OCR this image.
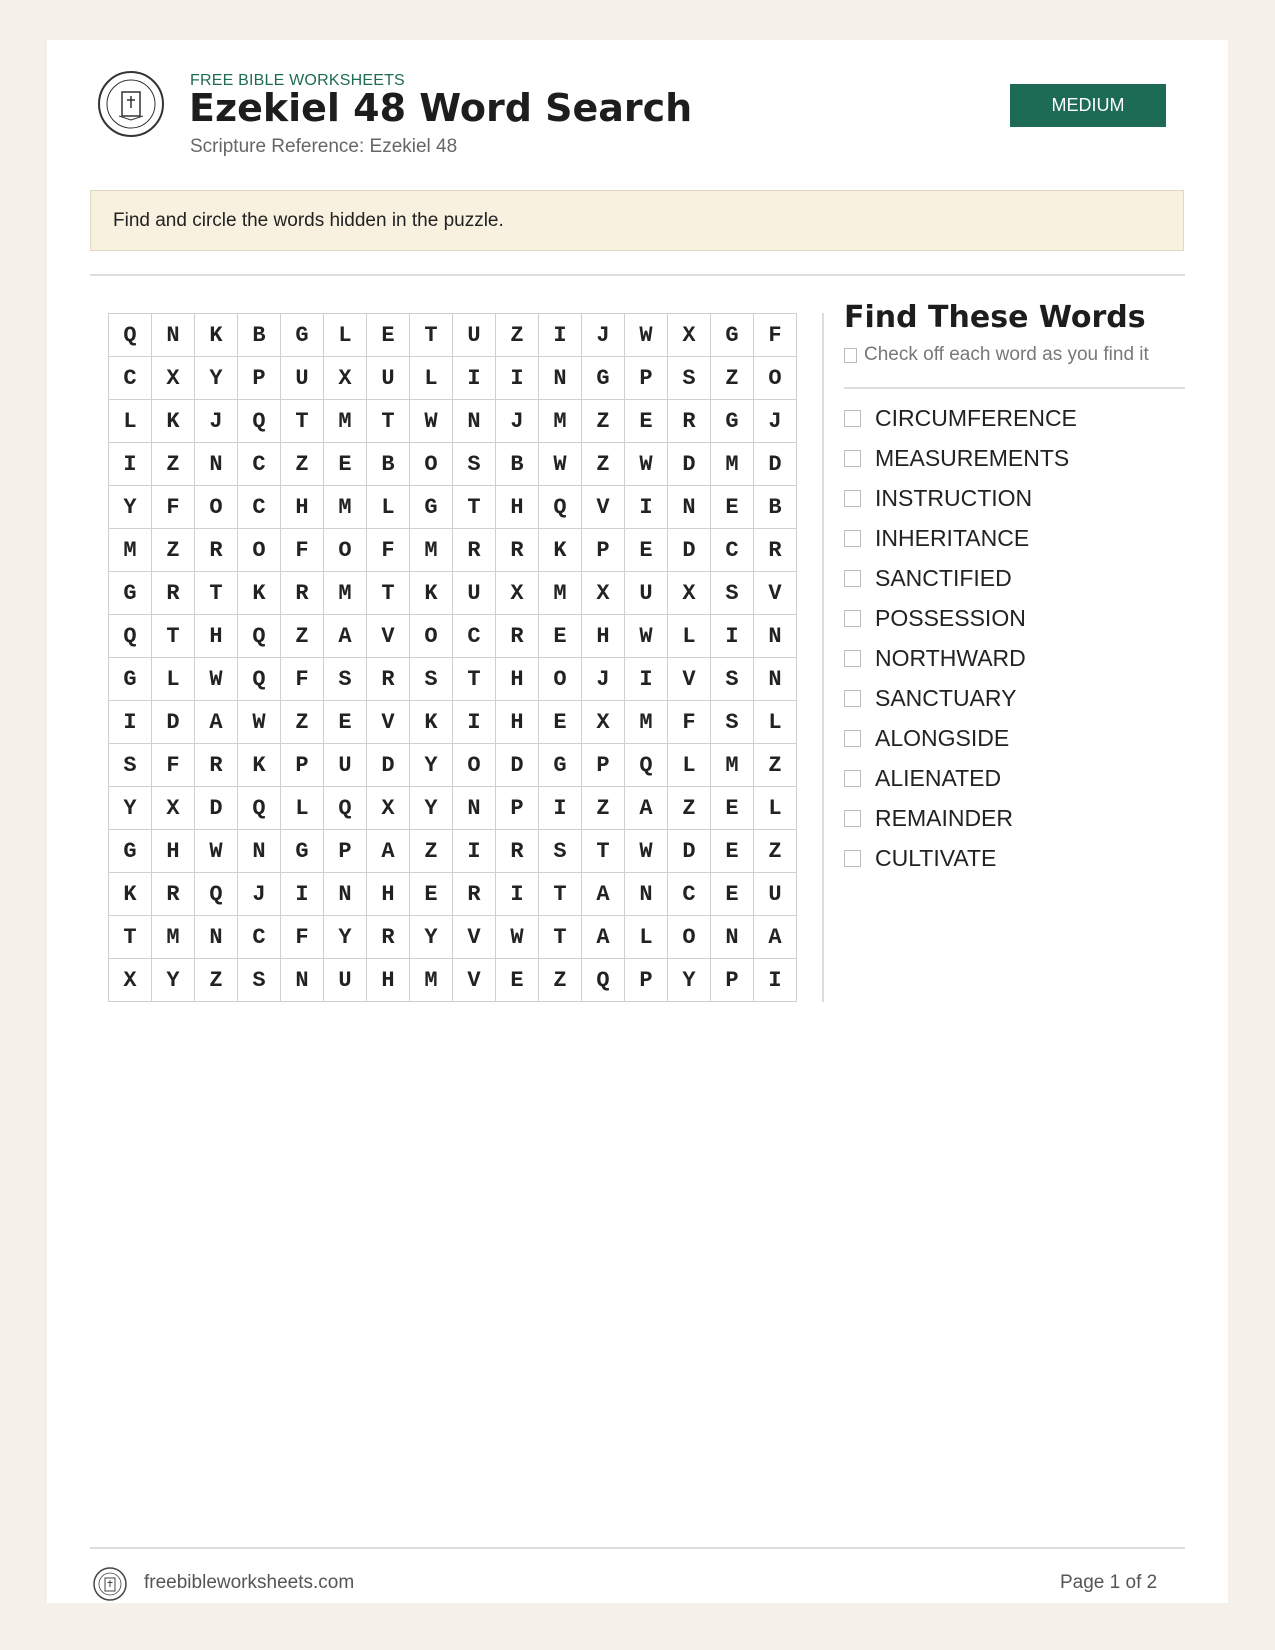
FREE BIBLE WORKSHEETS
Ezekiel 48 Word Search
Scripture Reference: Ezekiel 48
MEDIUM
Find and circle the words hidden in the puzzle.
Q	N	K	B	G	L	E	T	U	Z	I	J	W	X	G	F
C	X	Y	P	U	X	U	L	I	I	N	G	P	S	Z	O
L	K	J	Q	T	M	T	W	N	J	M	Z	E	R	G	J
I	Z	N	C	Z	E	B	O	S	B	W	Z	W	D	M	D
Y	F	O	C	H	M	L	G	T	H	Q	V	I	N	E	B
M	Z	R	O	F	O	F	M	R	R	K	P	E	D	C	R
G	R	T	K	R	M	T	K	U	X	M	X	U	X	S	V
Q	T	H	Q	Z	A	V	O	C	R	E	H	W	L	I	N
G	L	W	Q	F	S	R	S	T	H	O	J	I	V	S	N
I	D	A	W	Z	E	V	K	I	H	E	X	M	F	S	L
S	F	R	K	P	U	D	Y	O	D	G	P	Q	L	M	Z
Y	X	D	Q	L	Q	X	Y	N	P	I	Z	A	Z	E	L
G	H	W	N	G	P	A	Z	I	R	S	T	W	D	E	Z
K	R	Q	J	I	N	H	E	R	I	T	A	N	C	E	U
T	M	N	C	F	Y	R	Y	V	W	T	A	L	O	N	A
X	Y	Z	S	N	U	H	M	V	E	Z	Q	P	Y	P	I
Find These Words
Check off each word as you find it
CIRCUMFERENCE
MEASUREMENTS
INSTRUCTION
INHERITANCE
SANCTIFIED
POSSESSION
NORTHWARD
SANCTUARY
ALONGSIDE
ALIENATED
REMAINDER
CULTIVATE
freebibleworksheets.com	Page 1 of 2
